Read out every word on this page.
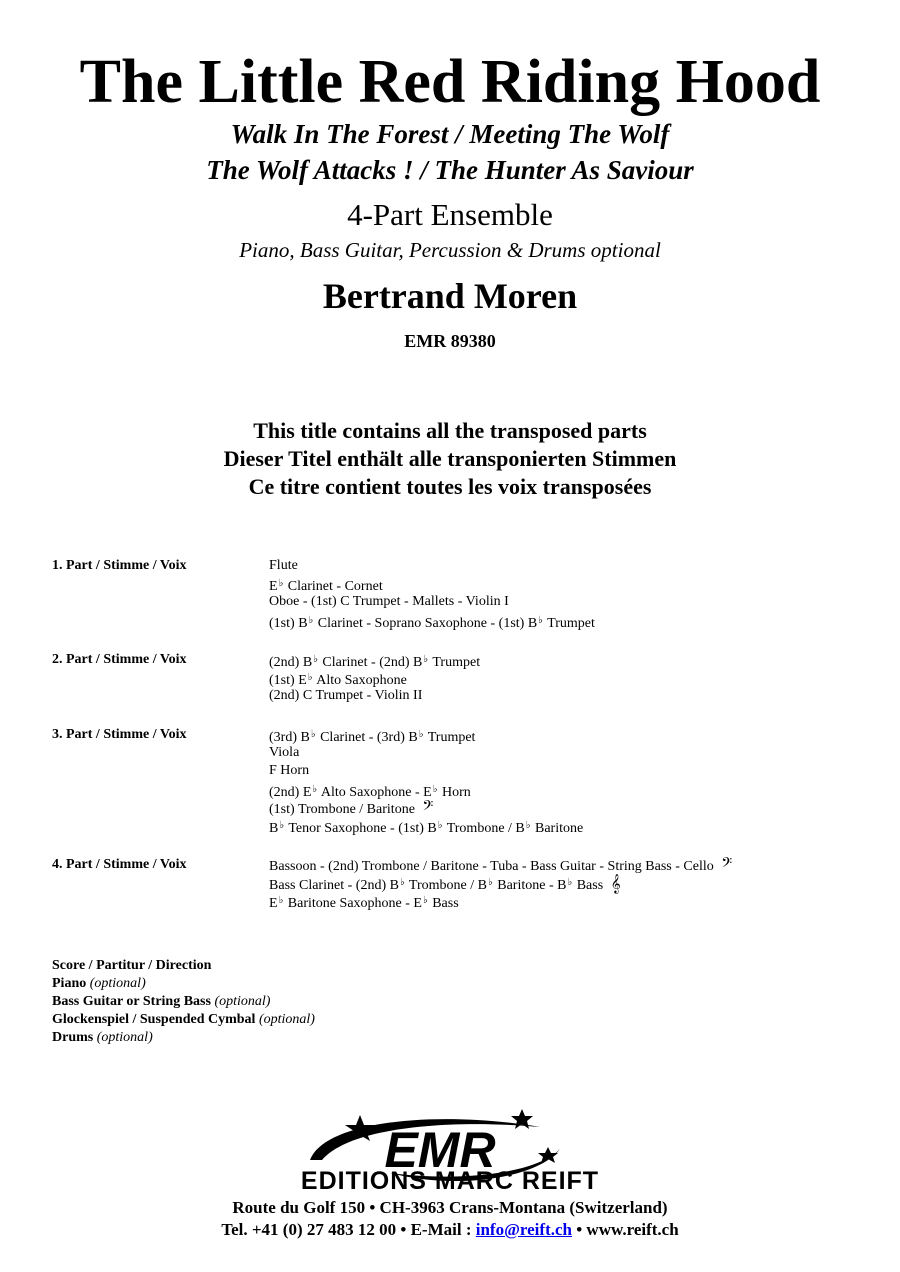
The Little Red Riding Hood
Walk In The Forest / Meeting The Wolf
The Wolf Attacks ! / The Hunter As Saviour
4-Part Ensemble
Piano, Bass Guitar, Percussion & Drums optional
Bertrand Moren
EMR 89380
This title contains all the transposed parts
Dieser Titel enthält alle transponierten Stimmen
Ce titre contient toutes les voix transposées
1. Part / Stimme / Voix	Flute
E♭ Clarinet - Cornet
Oboe - (1st) C Trumpet - Mallets - Violin I
(1st) B♭ Clarinet - Soprano Saxophone - (1st) B♭ Trumpet
2. Part / Stimme / Voix	(2nd) B♭ Clarinet - (2nd) B♭ Trumpet
(1st) E♭ Alto Saxophone
(2nd) C Trumpet - Violin II
3. Part / Stimme / Voix	(3rd) B♭ Clarinet - (3rd) B♭ Trumpet
Viola
F Horn
(2nd) E♭ Alto Saxophone - E♭ Horn
(1st) Trombone / Baritone 𝄢
B♭ Tenor Saxophone - (1st) B♭ Trombone / B♭ Baritone
4. Part / Stimme / Voix	Bassoon - (2nd) Trombone / Baritone - Tuba - Bass Guitar - String Bass - Cello 𝄢
Bass Clarinet - (2nd) B♭ Trombone / B♭ Baritone - B♭ Bass 𝄞
E♭ Baritone Saxophone - E♭ Bass
Score / Partitur / Direction
Piano (optional)
Bass Guitar or String Bass (optional)
Glockenspiel / Suspended Cymbal (optional)
Drums (optional)
EMR
EDITIONS MARC REIFT
Route du Golf 150 • CH-3963 Crans-Montana (Switzerland)
Tel. +41 (0) 27 483 12 00 • E-Mail : info@reift.ch • www.reift.ch
